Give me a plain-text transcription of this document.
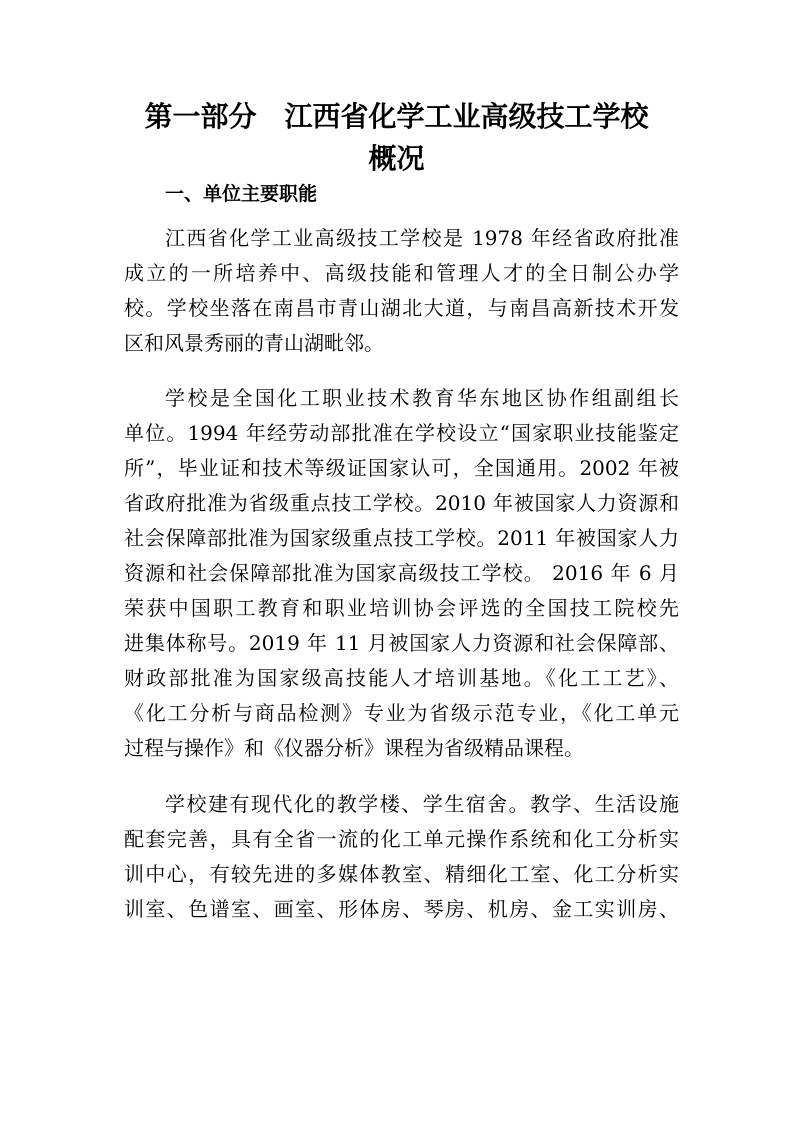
第一部分　江西省化学工业高级技工学校
概况
一、单位主要职能
江西省化学工业高级技工学校是 1978 年经省政府批准
成立的一所培养中、高级技能和管理人才的全日制公办学
校。学校坐落在南昌市青山湖北大道，与南昌高新技术开发
区和风景秀丽的青山湖毗邻。
学校是全国化工职业技术教育华东地区协作组副组长
单位。1994 年经劳动部批准在学校设立“国家职业技能鉴定
所”，毕业证和技术等级证国家认可，全国通用。2002 年被
省政府批准为省级重点技工学校。2010 年被国家人力资源和
社会保障部批准为国家级重点技工学校。2011 年被国家人力
资源和社会保障部批准为国家高级技工学校。 2016 年 6 月
荣获中国职工教育和职业培训协会评选的全国技工院校先
进集体称号。2019 年 11 月被国家人力资源和社会保障部、
财政部批准为国家级高技能人才培训基地。《化工工艺》、
《化工分析与商品检测》专业为省级示范专业，《化工单元
过程与操作》和《仪器分析》课程为省级精品课程。
学校建有现代化的教学楼、学生宿舍。教学、生活设施
配套完善，具有全省一流的化工单元操作系统和化工分析实
训中心，有较先进的多媒体教室、精细化工室、化工分析实
训室、色谱室、画室、形体房、琴房、机房、金工实训房、
